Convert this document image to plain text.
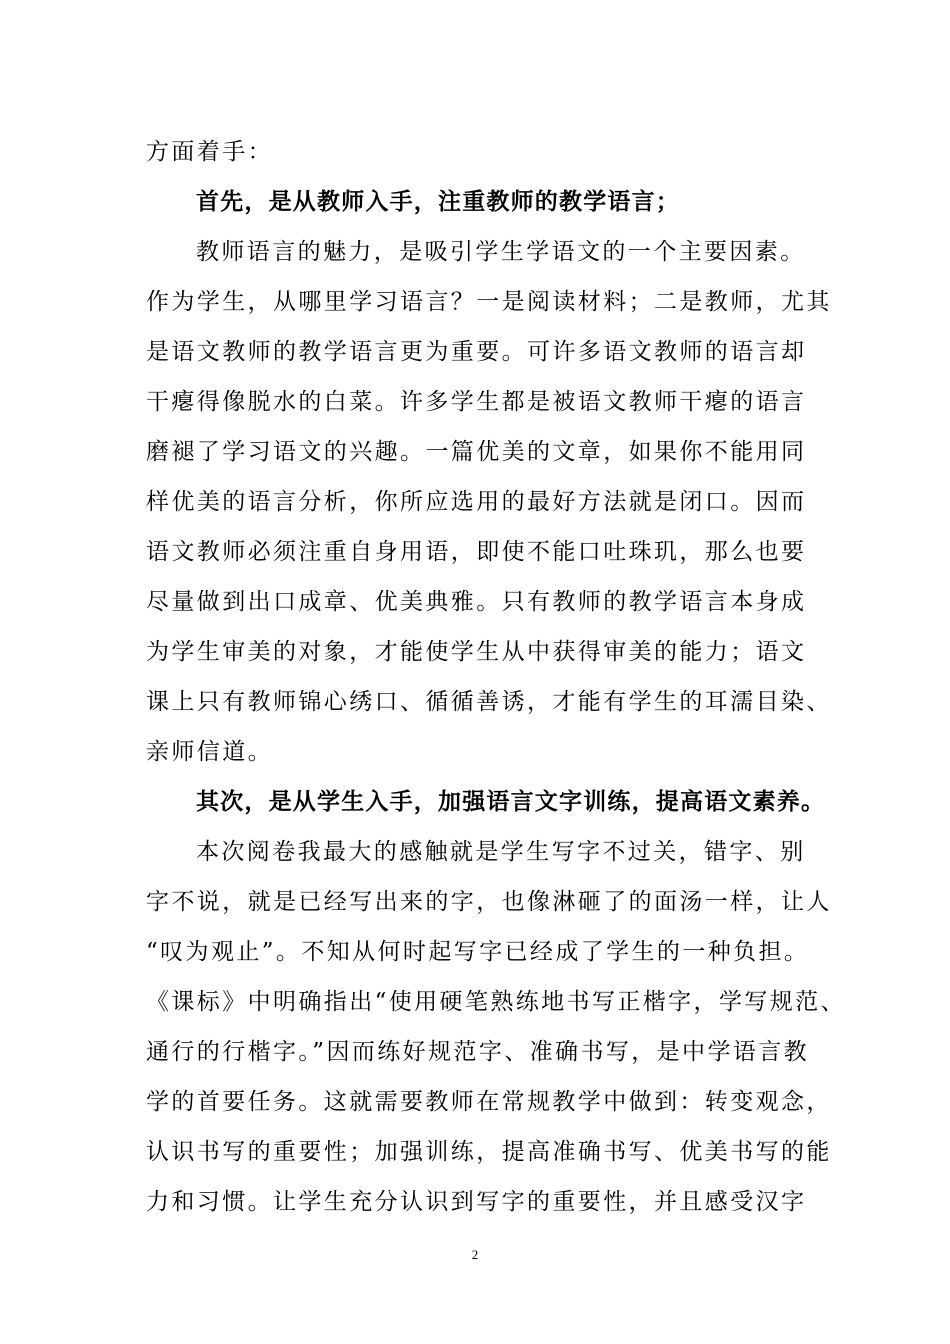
方面着手：
首先，是从教师入手，注重教师的教学语言；
教师语言的魅力，是吸引学生学语文的一个主要因素。
作为学生，从哪里学习语言？一是阅读材料；二是教师，尤其
是语文教师的教学语言更为重要。可许多语文教师的语言却
干瘪得像脱水的白菜。许多学生都是被语文教师干瘪的语言
磨褪了学习语文的兴趣。一篇优美的文章，如果你不能用同
样优美的语言分析，你所应选用的最好方法就是闭口。因而
语文教师必须注重自身用语，即使不能口吐珠玑，那么也要
尽量做到出口成章、优美典雅。只有教师的教学语言本身成
为学生审美的对象，才能使学生从中获得审美的能力；语文
课上只有教师锦心绣口、循循善诱，才能有学生的耳濡目染、
亲师信道。
其次，是从学生入手，加强语言文字训练，提高语文素养。
本次阅卷我最大的感触就是学生写字不过关，错字、别
字不说，就是已经写出来的字，也像淋砸了的面汤一样，让人
“叹为观止”。不知从何时起写字已经成了学生的一种负担。
《课标》中明确指出“使用硬笔熟练地书写正楷字，学写规范、
通行的行楷字。”因而练好规范字、准确书写，是中学语言教
学的首要任务。这就需要教师在常规教学中做到：转变观念，
认识书写的重要性；加强训练，提高准确书写、优美书写的能
力和习惯。让学生充分认识到写字的重要性，并且感受汉字
2
